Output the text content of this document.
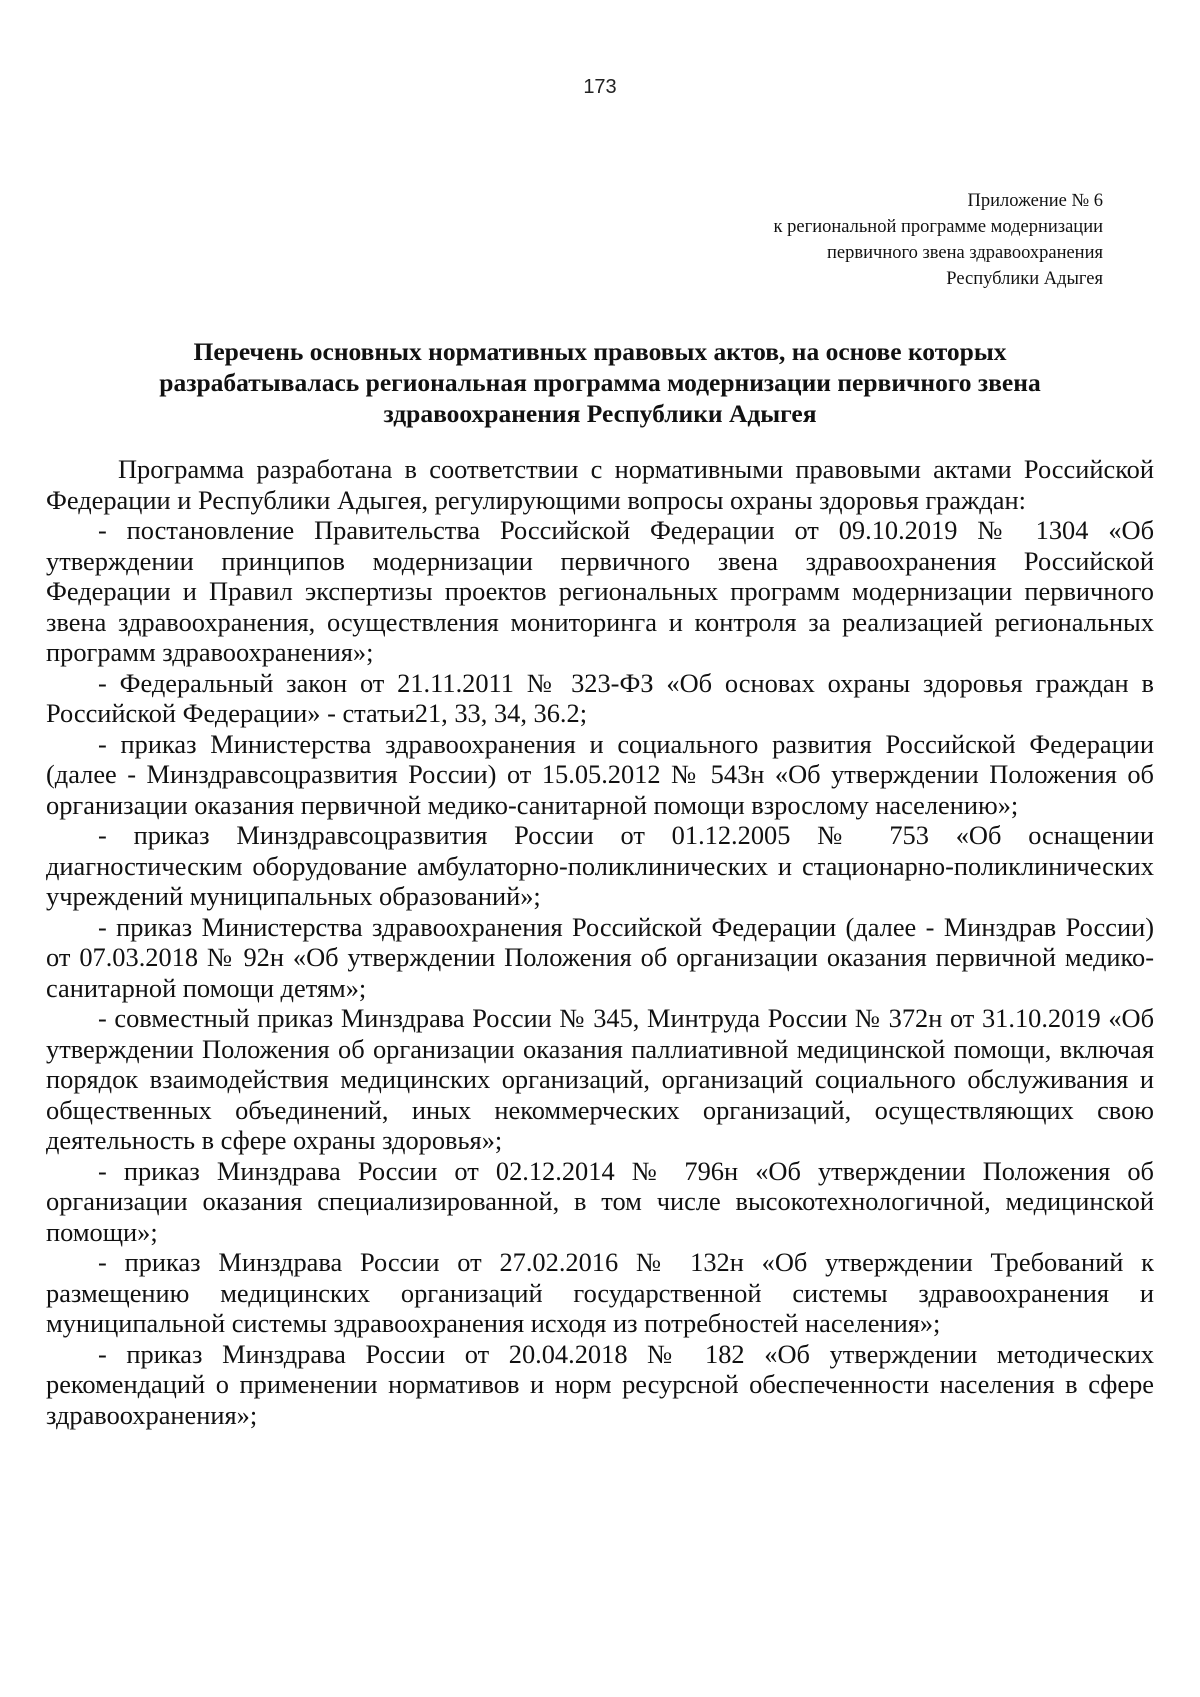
173
Приложение № 6
к региональной программе модернизации
первичного звена здравоохранения
Республики Адыгея
Перечень основных нормативных правовых актов, на основе которых
разрабатывалась региональная программа модернизации первичного звена
здравоохранения Республики Адыгея

Программа разработана в соответствии с нормативными правовыми актами Российской Федерации и Республики Адыгея, регулирующими вопросы охраны здоровья граждан:

- постановление Правительства Российской Федерации от 09.10.2019 № 1304 «Об утверждении принципов модернизации первичного звена здравоохранения Российской Федерации и Правил экспертизы проектов региональных программ модернизации первичного звена здравоохранения, осуществления мониторинга и контроля за реализацией региональных программ здравоохранения»;

- Федеральный закон от 21.11.2011 № 323-ФЗ «Об основах охраны здоровья граждан в Российской Федерации» - статьи21, 33, 34, 36.2;

- приказ Министерства здравоохранения и социального развития Российской Федерации (далее - Минздравсоцразвития России) от 15.05.2012 № 543н «Об утверждении Положения об организации оказания первичной медико-санитарной помощи взрослому населению»;

- приказ Минздравсоцразвития России от 01.12.2005 № 753 «Об оснащении диагностическим оборудование амбулаторно-поликлинических и стационарно-поликлинических учреждений муниципальных образований»;

- приказ Министерства здравоохранения Российской Федерации (далее - Минздрав России) от 07.03.2018 № 92н «Об утверждении Положения об организации оказания первичной медико-санитарной помощи детям»;

- совместный приказ Минздрава России № 345, Минтруда России № 372н от 31.10.2019 «Об утверждении Положения об организации оказания паллиативной медицинской помощи, включая порядок взаимодействия медицинских организаций, организаций социального обслуживания и общественных объединений, иных некоммерческих организаций, осуществляющих свою деятельность в сфере охраны здоровья»;

- приказ Минздрава России от 02.12.2014 № 796н «Об утверждении Положения об организации оказания специализированной, в том числе высокотехнологичной, медицинской помощи»;

- приказ Минздрава России от 27.02.2016 № 132н «Об утверждении Требований к размещению медицинских организаций государственной системы здравоохранения и муниципальной системы здравоохранения исходя из потребностей населения»;

- приказ Минздрава России от 20.04.2018 № 182 «Об утверждении методических рекомендаций о применении нормативов и норм ресурсной обеспеченности населения в сфере здравоохранения»;
